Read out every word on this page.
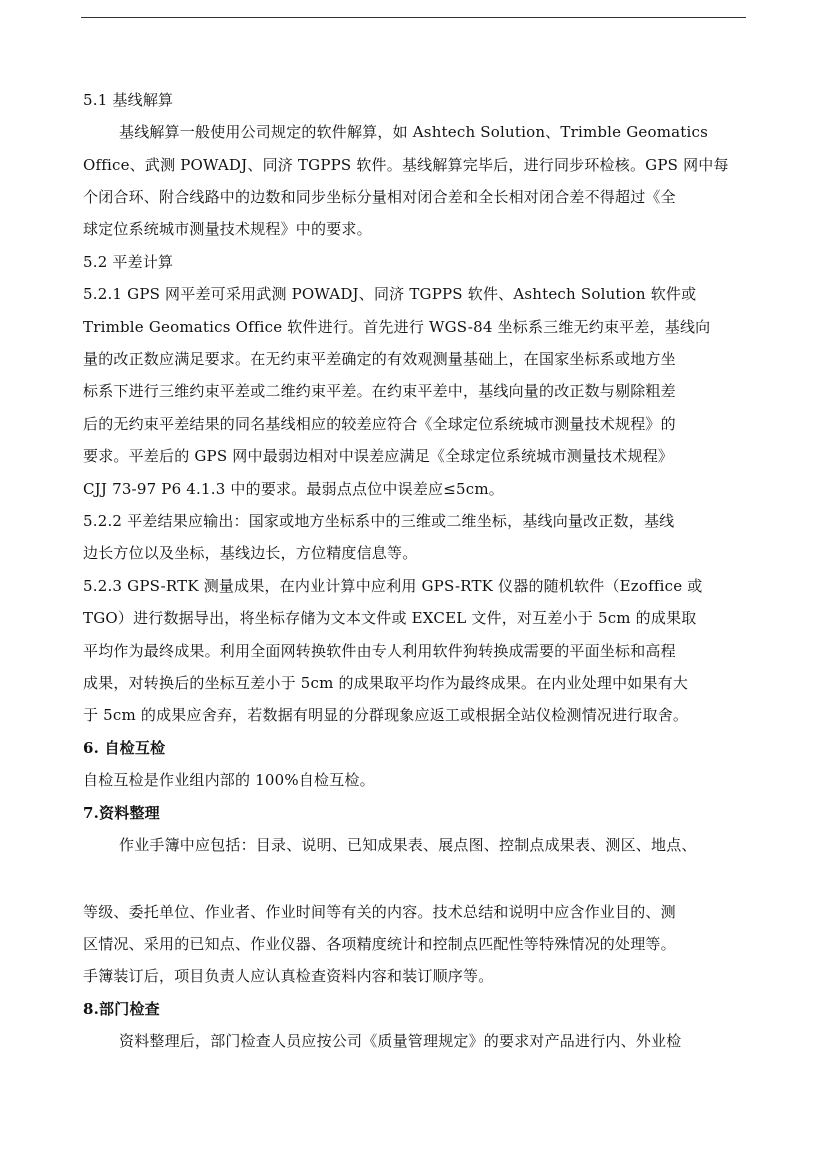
5.1 基线解算
基线解算一般使用公司规定的软件解算，如 Ashtech Solution、Trimble Geomatics
Office、武测 POWADJ、同济 TGPPS 软件。基线解算完毕后，进行同步环检核。GPS 网中每
个闭合环、附合线路中的边数和同步坐标分量相对闭合差和全长相对闭合差不得超过《全
球定位系统城市测量技术规程》中的要求。
5.2 平差计算
5.2.1 GPS 网平差可采用武测 POWADJ、同济 TGPPS 软件、Ashtech Solution 软件或
Trimble Geomatics Office 软件进行。首先进行 WGS-84 坐标系三维无约束平差，基线向
量的改正数应满足要求。在无约束平差确定的有效观测量基础上，在国家坐标系或地方坐
标系下进行三维约束平差或二维约束平差。在约束平差中，基线向量的改正数与剔除粗差
后的无约束平差结果的同名基线相应的较差应符合《全球定位系统城市测量技术规程》的
要求。平差后的 GPS 网中最弱边相对中误差应满足《全球定位系统城市测量技术规程》
CJJ 73-97 P6 4.1.3 中的要求。最弱点点位中误差应≤5cm。
5.2.2 平差结果应输出：国家或地方坐标系中的三维或二维坐标，基线向量改正数，基线
边长方位以及坐标，基线边长，方位精度信息等。
5.2.3 GPS-RTK 测量成果，在内业计算中应利用 GPS-RTK 仪器的随机软件（Ezoffice 或
TGO）进行数据导出，将坐标存储为文本文件或 EXCEL 文件，对互差小于 5cm 的成果取
平均作为最终成果。利用全面网转换软件由专人利用软件狗转换成需要的平面坐标和高程
成果，对转换后的坐标互差小于 5cm 的成果取平均作为最终成果。在内业处理中如果有大
于 5cm 的成果应舍弃，若数据有明显的分群现象应返工或根据全站仪检测情况进行取舍。
6. 自检互检
自检互检是作业组内部的 100%自检互检。
7.资料整理
作业手簿中应包括：目录、说明、已知成果表、展点图、控制点成果表、测区、地点、
等级、委托单位、作业者、作业时间等有关的内容。技术总结和说明中应含作业目的、测
区情况、采用的已知点、作业仪器、各项精度统计和控制点匹配性等特殊情况的处理等。
手簿装订后，项目负责人应认真检查资料内容和装订顺序等。
8.部门检查
资料整理后，部门检查人员应按公司《质量管理规定》的要求对产品进行内、外业检
